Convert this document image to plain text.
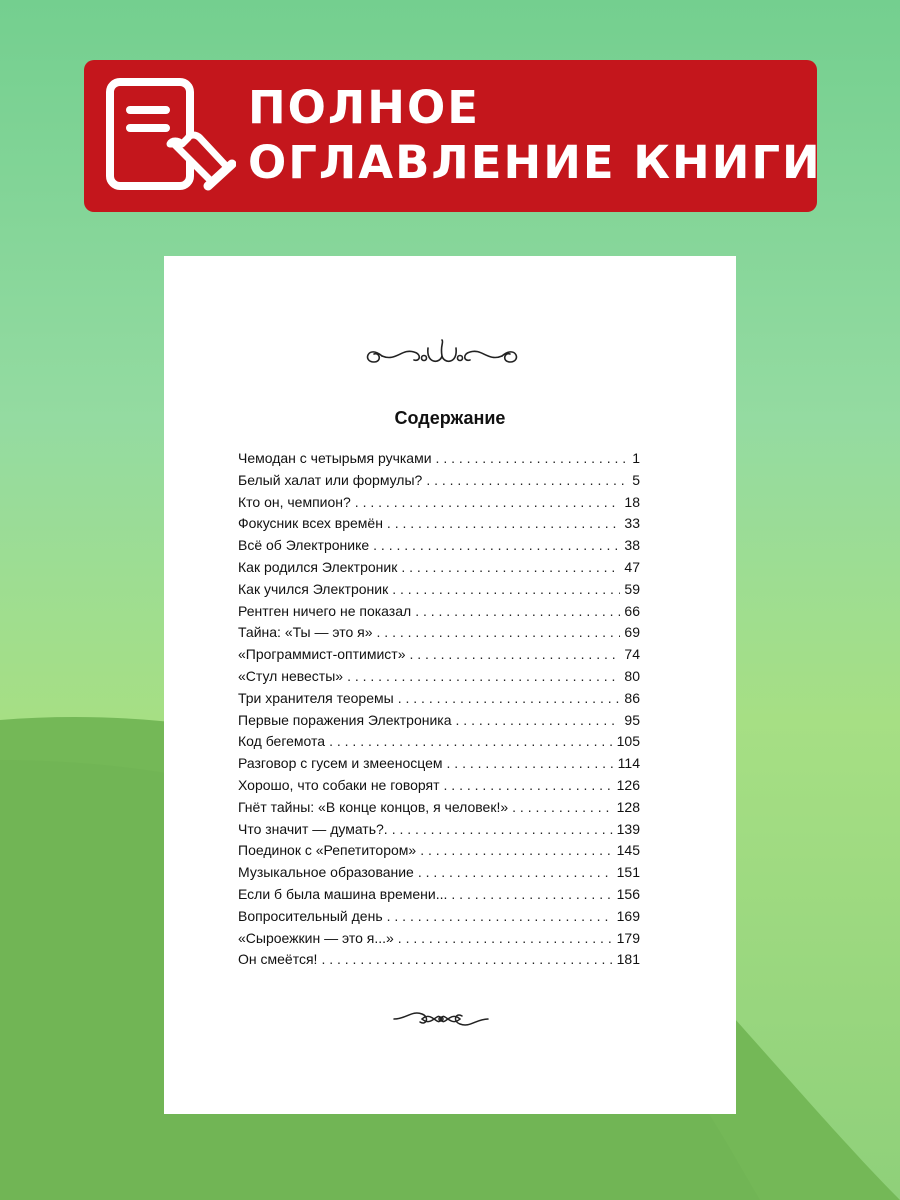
ПОЛНОЕ
ОГЛАВЛЕНИЕ КНИГИ
Содержание
Чемодан с четырьмя ручками . . .	1
Белый халат или формулы? . . .	5
Кто он, чемпион? . . .	18
Фокусник всех времён . . .	33
Всё об Электронике . . .	38
Как родился Электроник . . .	47
Как учился Электроник . . .	59
Рентген ничего не показал . . .	66
Тайна: «Ты — это я» . . .	69
«Программист-оптимист» . . .	74
«Стул невесты» . . .	80
Три хранителя теоремы . . .	86
Первые поражения Электроника . . .	95
Код бегемота . . .	105
Разговор с гусем и змееносцем . . .	114
Хорошо, что собаки не говорят . . .	126
Гнёт тайны: «В конце концов, я человек!» . . .	128
Что значит — думать?. . . .	139
Поединок с «Репетитором» . . .	145
Музыкальное образование . . .	151
Если б была машина времени... . . .	156
Вопросительный день . . .	169
«Сыроежкин — это я...» . . .	179
Он смеётся! . . .	181
